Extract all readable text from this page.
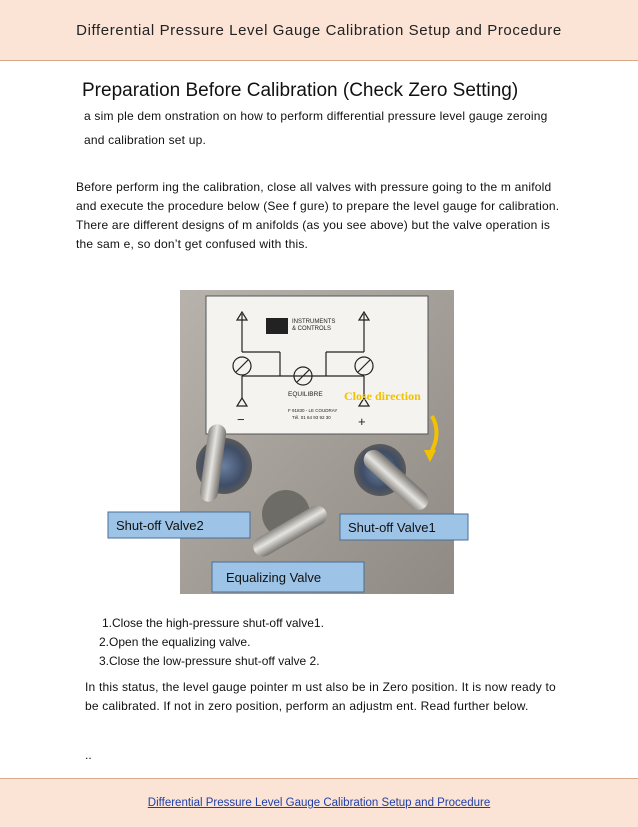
Differential Pressure Level Gauge Calibration Setup and Procedure
Preparation Before Calibration (Check Zero Setting)
a sim ple dem onstration on how to perform differential pressure level gauge zeroing and calibration set up.
Before perform ing the calibration, close all valves with pressure going to the m anifold and execute the procedure below (See f gure) to prepare the level gauge for calibration. There are different designs of m anifolds (as you see above) but the valve operation is the sam e, so don’t get confused with this.
INSTRUMENTS
& CONTROLS
EQUILIBRE
F 91830 - LE COUDRAY
Tél. 01 64 93 92 30
−	+
Close direction
Shut-off Valve2	Shut-off Valve1
Equalizing Valve
1.Close the high-pressure shut-off valve1.
2.Open the equalizing valve.
3.Close the low-pressure shut-off valve 2.
In this status, the level gauge pointer m ust also be in Zero position. It is now ready to be calibrated. If not in zero position, perform an adjustm ent. Read further below.
..
Differential Pressure Level Gauge Calibration Setup and Procedure
